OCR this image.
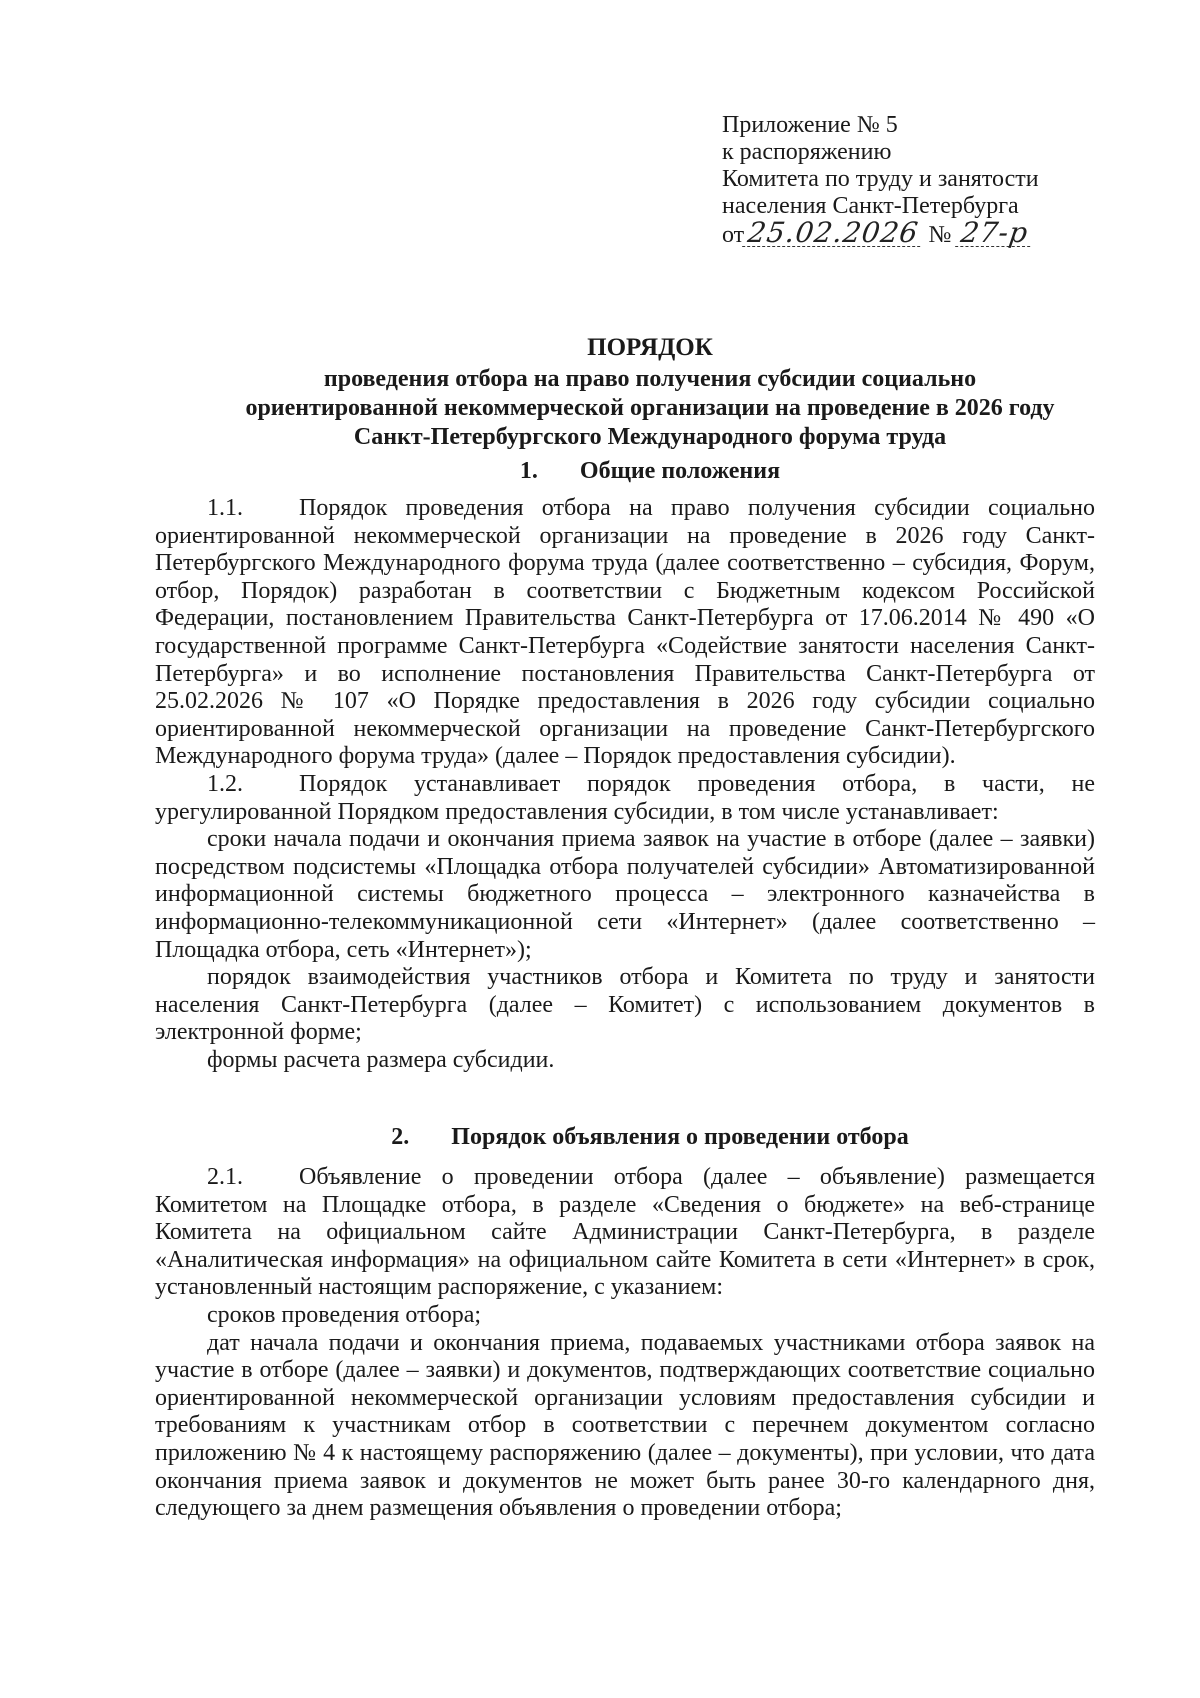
Приложение № 5
к распоряжению
Комитета по труду и занятости
населения Санкт-Петербурга
от25.02.2026 № 27-р
ПОРЯДОК
проведения отбора на право получения субсидии социально
ориентированной некоммерческой организации на проведение в 2026 году
Санкт-Петербургского Международного форума труда
1. Общие положения

1.1. Порядок проведения отбора на право получения субсидии социально ориентированной некоммерческой организации на проведение в 2026 году Санкт-Петербургского Международного форума труда (далее соответственно – субсидия, Форум, отбор, Порядок) разработан в соответствии с Бюджетным кодексом Российской Федерации, постановлением Правительства Санкт-Петербурга от 17.06.2014 № 490 «О государственной программе Санкт-Петербурга «Содействие занятости населения Санкт-Петербурга» и во исполнение постановления Правительства Санкт-Петербурга от 25.02.2026 № 107 «О Порядке предоставления в 2026 году субсидии социально ориентированной некоммерческой организации на проведение Санкт-Петербургского Международного форума труда» (далее – Порядок предоставления субсидии).

1.2. Порядок устанавливает порядок проведения отбора, в части, не урегулированной Порядком предоставления субсидии, в том числе устанавливает:

сроки начала подачи и окончания приема заявок на участие в отборе (далее – заявки) посредством подсистемы «Площадка отбора получателей субсидии» Автоматизированной информационной системы бюджетного процесса – электронного казначейства в информационно-телекоммуникационной сети «Интернет» (далее соответственно – Площадка отбора, сеть «Интернет»);

порядок взаимодействия участников отбора и Комитета по труду и занятости населения Санкт-Петербурга (далее – Комитет) с использованием документов в электронной форме;

формы расчета размера субсидии.

2. Порядок объявления о проведении отбора

2.1. Объявление о проведении отбора (далее – объявление) размещается Комитетом на Площадке отбора, в разделе «Сведения о бюджете» на веб-странице Комитета на официальном сайте Администрации Санкт-Петербурга, в разделе «Аналитическая информация» на официальном сайте Комитета в сети «Интернет» в срок, установленный настоящим распоряжение, с указанием:

сроков проведения отбора;

дат начала подачи и окончания приема, подаваемых участниками отбора заявок на участие в отборе (далее – заявки) и документов, подтверждающих соответствие социально ориентированной некоммерческой организации условиям предоставления субсидии и требованиям к участникам отбор в соответствии с перечнем документом согласно приложению № 4 к настоящему распоряжению (далее – документы), при условии, что дата окончания приема заявок и документов не может быть ранее 30-го календарного дня, следующего за днем размещения объявления о проведении отбора;
